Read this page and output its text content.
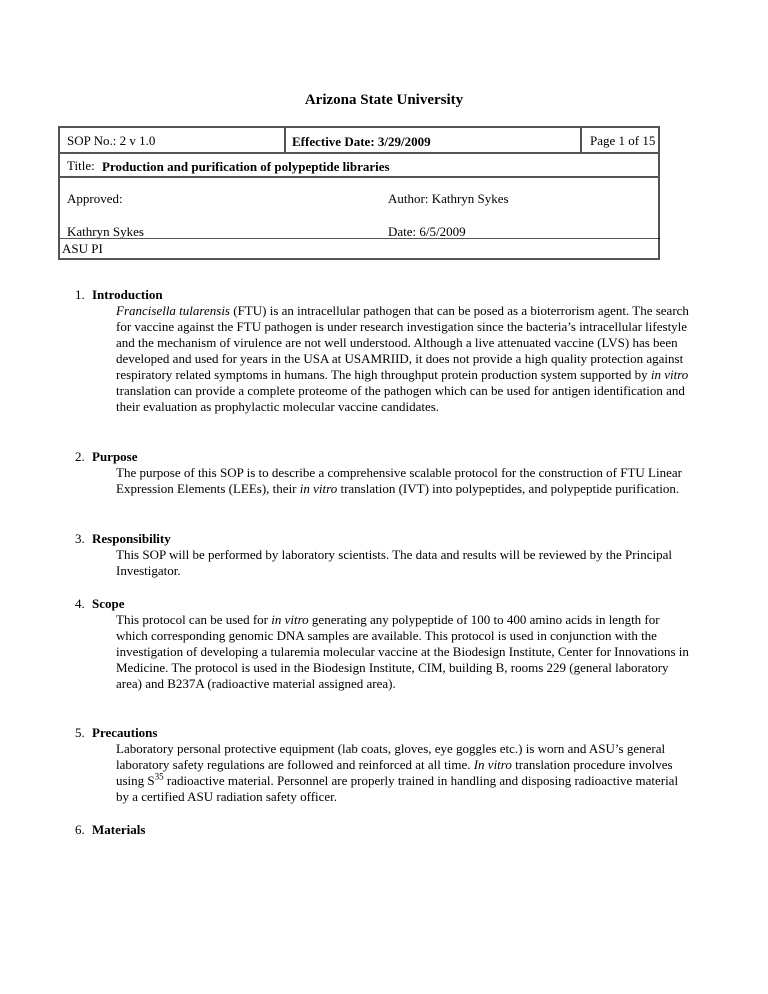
Arizona State University
SOP No.: 2 v 1.0	Effective Date: 3/29/2009	Page 1 of 15
Title: Production and purification of polypeptide libraries
Approved:	Author: Kathryn Sykes
Kathryn Sykes	Date: 6/5/2009
ASU PI
1. Introduction
Francisella tularensis (FTU) is an intracellular pathogen that can be posed as a bioterrorism agent. The search for vaccine against the FTU pathogen is under research investigation since the bacteria’s intracellular lifestyle and the mechanism of virulence are not well understood. Although a live attenuated vaccine (LVS) has been developed and used for years in the USA at USAMRIID, it does not provide a high quality protection against respiratory related symptoms in humans. The high throughput protein production system supported by in vitro translation can provide a complete proteome of the pathogen which can be used for antigen identification and their evaluation as prophylactic molecular vaccine candidates.
2. Purpose
The purpose of this SOP is to describe a comprehensive scalable protocol for the construction of FTU Linear Expression Elements (LEEs), their in vitro translation (IVT) into polypeptides, and polypeptide purification.
3. Responsibility
This SOP will be performed by laboratory scientists. The data and results will be reviewed by the Principal Investigator.
4. Scope
This protocol can be used for in vitro generating any polypeptide of 100 to 400 amino acids in length for which corresponding genomic DNA samples are available. This protocol is used in conjunction with the investigation of developing a tularemia molecular vaccine at the Biodesign Institute, Center for Innovations in Medicine. The protocol is used in the Biodesign Institute, CIM, building B, rooms 229 (general laboratory area) and B237A (radioactive material assigned area).
5. Precautions
Laboratory personal protective equipment (lab coats, gloves, eye goggles etc.) is worn and ASU’s general laboratory safety regulations are followed and reinforced at all time. In vitro translation procedure involves using $S^{35}$ radioactive material. Personnel are properly trained in handling and disposing radioactive material by a certified ASU radiation safety officer.
6. Materials
